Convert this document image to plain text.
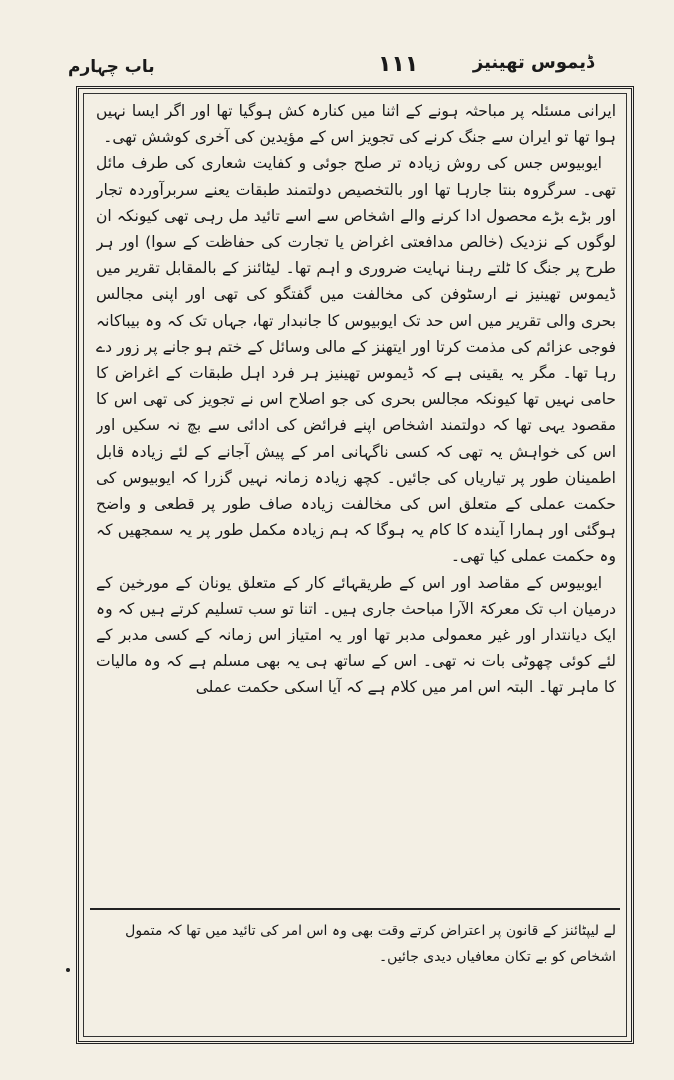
باب چہارم	۱۱۱	ڈیموس تھینیز

ایرانی مسئلہ پر مباحثہ ہونے کے اثنا میں کنارہ کش ہوگیا تھا اور اگر ایسا نہیں ہوا تھا تو ایران سے جنگ کرنے کی تجویز اس کے مؤیدین کی آخری کوشش تھی۔

ایوبیوس جس کی روش زیادہ تر صلح جوئی و کفایت شعاری کی طرف مائل تھی۔ سرگروہ بنتا جارہا تھا اور بالتخصیص دولتمند طبقات یعنے سربرآوردہ تجار اور بڑے بڑے محصول ادا کرنے والے اشخاص سے اسے تائید مل رہی تھی کیونکہ ان لوگوں کے نزدیک (خالص مدافعتی اغراض یا تجارت کی حفاظت کے سوا) اور ہر طرح پر جنگ کا ٹلتے رہنا نہایت ضروری و اہم تھا۔ لیٹائنز کے بالمقابل تقریر میں ڈیموس تھینیز نے ارسٹوفن کی مخالفت میں گفتگو کی تھی اور اپنی مجالس بحری والی تقریر میں اس حد تک ایوبیوس کا جانبدار تھا، جہاں تک کہ وہ بیباکانہ فوجی عزائم کی مذمت کرتا اور ایتھنز کے مالی وسائل کے ختم ہو جانے پر زور دے رہا تھا۔ مگر یہ یقینی ہے کہ ڈیموس تھینیز ہر فرد اہل طبقات کے اغراض کا حامی نہیں تھا کیونکہ مجالس بحری کی جو اصلاح اس نے تجویز کی تھی اس کا مقصود یہی تھا کہ دولتمند اشخاص اپنے فرائض کی ادائی سے بچ نہ سکیں اور اس کی خواہش یہ تھی کہ کسی ناگہانی امر کے پیش آجانے کے لئے زیادہ قابل اطمینان طور پر تیاریاں کی جائیں۔ کچھ زیادہ زمانہ نہیں گزرا کہ ایوبیوس کی حکمت عملی کے متعلق اس کی مخالفت زیادہ صاف طور پر قطعی و واضح ہوگئی اور ہمارا آیندہ کا کام یہ ہوگا کہ ہم زیادہ مکمل طور پر یہ سمجھیں کہ وہ حکمت عملی کیا تھی۔

ایوبیوس کے مقاصد اور اس کے طریقہائے کار کے متعلق یونان کے مورخین کے درمیان اب تک معرکۃ الآرا مباحث جاری ہیں۔ اتنا تو سب تسلیم کرتے ہیں کہ وہ ایک دیانتدار اور غیر معمولی مدبر تھا اور یہ امتیاز اس زمانہ کے کسی مدبر کے لئے کوئی چھوٹی بات نہ تھی۔ اس کے ساتھ ہی یہ بھی مسلم ہے کہ وہ مالیات کا ماہر تھا۔ البتہ اس امر میں کلام ہے کہ آیا اسکی حکمت عملی

لے لیپٹائنز کے قانون پر اعتراض کرتے وقت بھی وہ اس امر کی تائید میں تھا کہ متمول اشخاص کو بے تکان معافیاں دیدی جائیں۔
